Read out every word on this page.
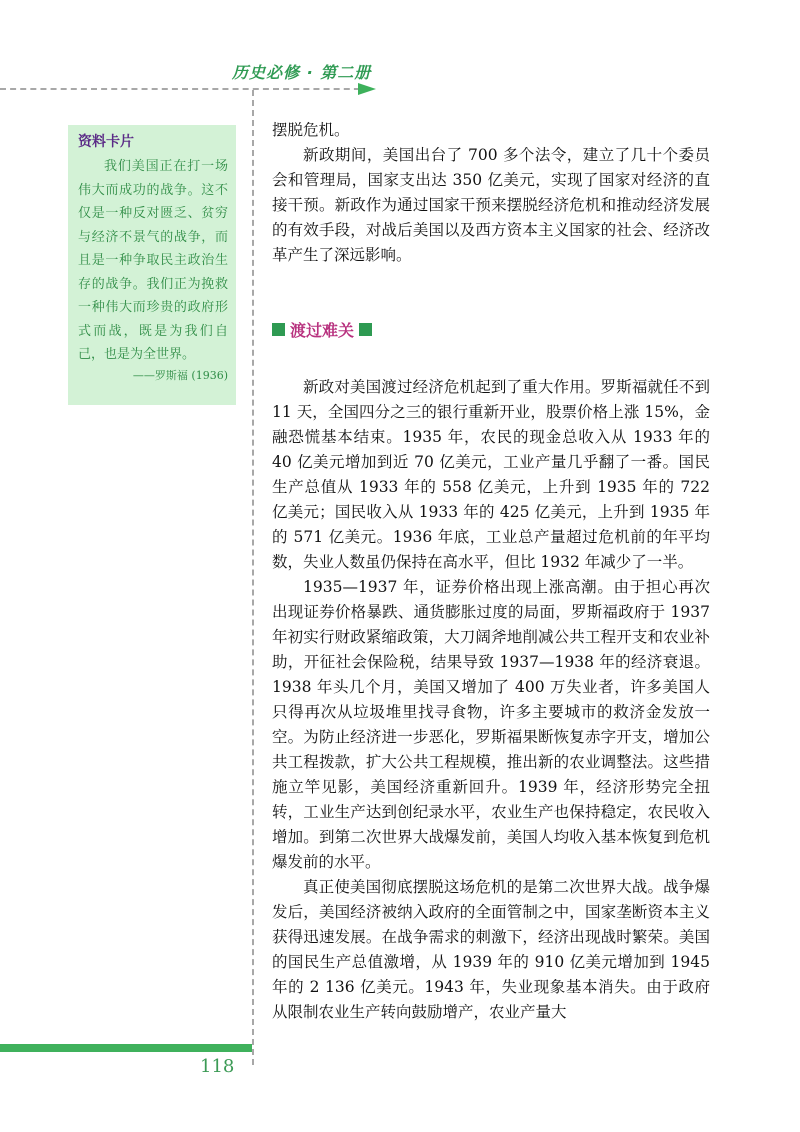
历史必修 · 第二册
资料卡片

我们美国正在打一场伟大而成功的战争。这不仅是一种反对匮乏、贫穷与经济不景气的战争，而且是一种争取民主政治生存的战争。我们正为挽救一种伟大而珍贵的政府形式而战，既是为我们自己，也是为全世界。

——罗斯福 (1936)

摆脱危机。

新政期间，美国出台了 700 多个法令，建立了几十个委员会和管理局，国家支出达 350 亿美元，实现了国家对经济的直接干预。新政作为通过国家干预来摆脱经济危机和推动经济发展的有效手段，对战后美国以及西方资本主义国家的社会、经济改革产生了深远影响。

渡过难关

新政对美国渡过经济危机起到了重大作用。罗斯福就任不到 11 天，全国四分之三的银行重新开业，股票价格上涨 15%，金融恐慌基本结束。1935 年，农民的现金总收入从 1933 年的 40 亿美元增加到近 70 亿美元，工业产量几乎翻了一番。国民生产总值从 1933 年的 558 亿美元，上升到 1935 年的 722 亿美元；国民收入从 1933 年的 425 亿美元，上升到 1935 年的 571 亿美元。1936 年底，工业总产量超过危机前的年平均数，失业人数虽仍保持在高水平，但比 1932 年减少了一半。

1935—1937 年，证券价格出现上涨高潮。由于担心再次出现证券价格暴跌、通货膨胀过度的局面，罗斯福政府于 1937 年初实行财政紧缩政策，大刀阔斧地削减公共工程开支和农业补助，开征社会保险税，结果导致 1937—1938 年的经济衰退。1938 年头几个月，美国又增加了 400 万失业者，许多美国人只得再次从垃圾堆里找寻食物，许多主要城市的救济金发放一空。为防止经济进一步恶化，罗斯福果断恢复赤字开支，增加公共工程拨款，扩大公共工程规模，推出新的农业调整法。这些措施立竿见影，美国经济重新回升。1939 年，经济形势完全扭转，工业生产达到创纪录水平，农业生产也保持稳定，农民收入增加。到第二次世界大战爆发前，美国人均收入基本恢复到危机爆发前的水平。

真正使美国彻底摆脱这场危机的是第二次世界大战。战争爆发后，美国经济被纳入政府的全面管制之中，国家垄断资本主义获得迅速发展。在战争需求的刺激下，经济出现战时繁荣。美国的国民生产总值激增，从 1939 年的 910 亿美元增加到 1945 年的 2 136 亿美元。1943 年，失业现象基本消失。由于政府从限制农业生产转向鼓励增产，农业产量大

118
